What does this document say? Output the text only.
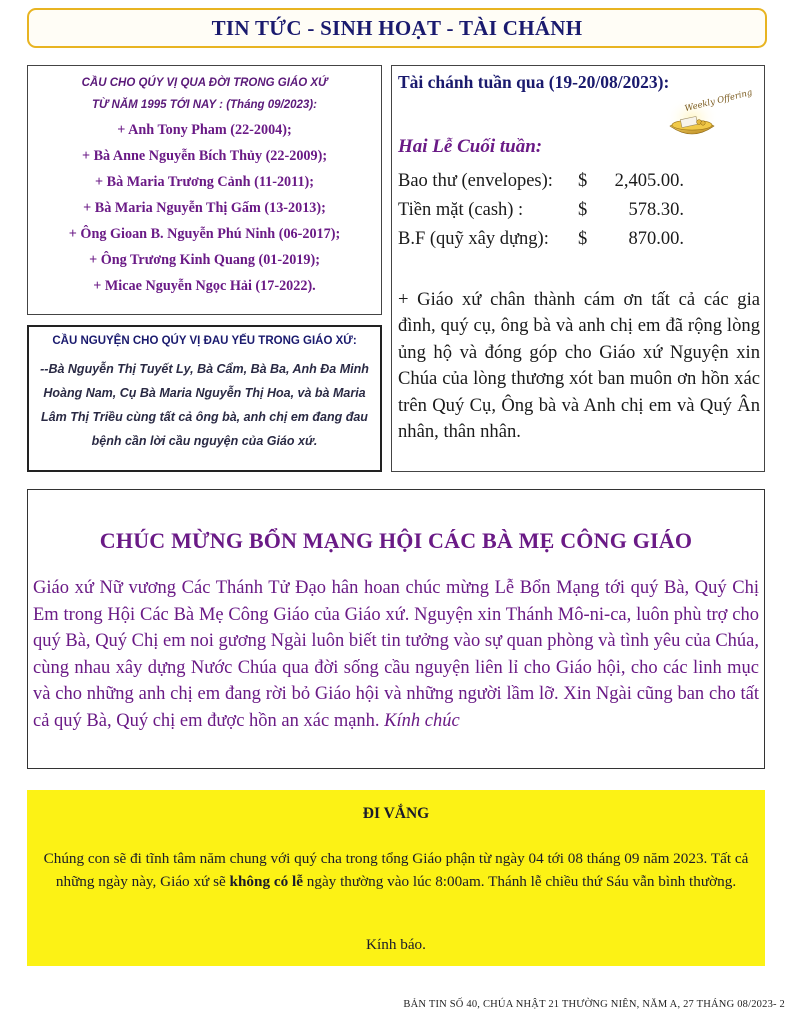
TIN TỨC - SINH HOẠT - TÀI CHÁNH
CẦU CHO QÚY VỊ QUA ĐỜI TRONG GIÁO XỨ
TỪ NĂM 1995 TỚI NAY : (Tháng 09/2023):
+ Anh Tony Pham (22-2004);
+ Bà Anne Nguyễn Bích Thủy (22-2009);
+ Bà Maria Trương Cảnh (11-2011);
+ Bà Maria Nguyễn Thị Gấm (13-2013);
+ Ông Gioan B. Nguyễn Phú Ninh (06-2017);
+ Ông Trương Kinh Quang (01-2019);
+ Micae Nguyễn Ngọc Hải (17-2022).
CẦU NGUYỆN CHO QÚY VỊ ĐAU YẾU TRONG GIÁO XỨ:
--Bà Nguyễn Thị Tuyết Ly, Bà Cẩm, Bà Ba, Anh Đa Minh Hoàng Nam, Cụ Bà Maria Nguyễn Thị Hoa, và bà Maria Lâm Thị Triều cùng tất cả ông bà, anh chị em đang đau bệnh cần lời cầu nguyện của Giáo xứ.
Tài chánh tuần qua (19-20/08/2023):
Weekly Offering
Hai Lễ Cuối tuần:
Bao thư (envelopes): $ 2,405.00.
Tiền mặt (cash) :	$ 578.30.
B.F (quỹ xây dựng): $ 870.00.
+ Giáo xứ chân thành cám ơn tất cả các gia đình, quý cụ, ông bà và anh chị em đã rộng lòng ủng hộ và đóng góp cho Giáo xứ Nguyện xin Chúa của lòng thương xót ban muôn ơn hồn xác trên Quý Cụ, Ông bà và Anh chị em và Quý Ân nhân, thân nhân.
CHÚC MỪNG BỔN MẠNG HỘI CÁC BÀ MẸ CÔNG GIÁO
Giáo xứ Nữ vương Các Thánh Tử Đạo hân hoan chúc mừng Lễ Bổn Mạng tới quý Bà, Quý Chị Em trong Hội Các Bà Mẹ Công Giáo của Giáo xứ. Nguyện xin Thánh Mô-ni-ca, luôn phù trợ cho quý Bà, Quý Chị em noi gương Ngài luôn biết tin tưởng vào sự quan phòng và tình yêu của Chúa, cùng nhau xây dựng Nước Chúa qua đời sống cầu nguyện liên lỉ cho Giáo hội, cho các linh mục và cho những anh chị em đang rời bỏ Giáo hội và những người lầm lỡ. Xin Ngài cũng ban cho tất cả quý Bà, Quý chị em được hồn an xác mạnh. Kính chúc
ĐI VẮNG
Chúng con sẽ đi tĩnh tâm năm chung với quý cha trong tổng Giáo phận từ ngày 04 tới 08 tháng 09 năm 2023. Tất cả những ngày này, Giáo xứ sẽ không có lễ ngày thường vào lúc 8:00am. Thánh lễ chiều thứ Sáu vẫn bình thường.
Kính báo.
BẢN TIN SỐ 40, CHÚA NHẬT 21 THƯỜNG NIÊN, NĂM A, 27 THÁNG 08/2023- 2
